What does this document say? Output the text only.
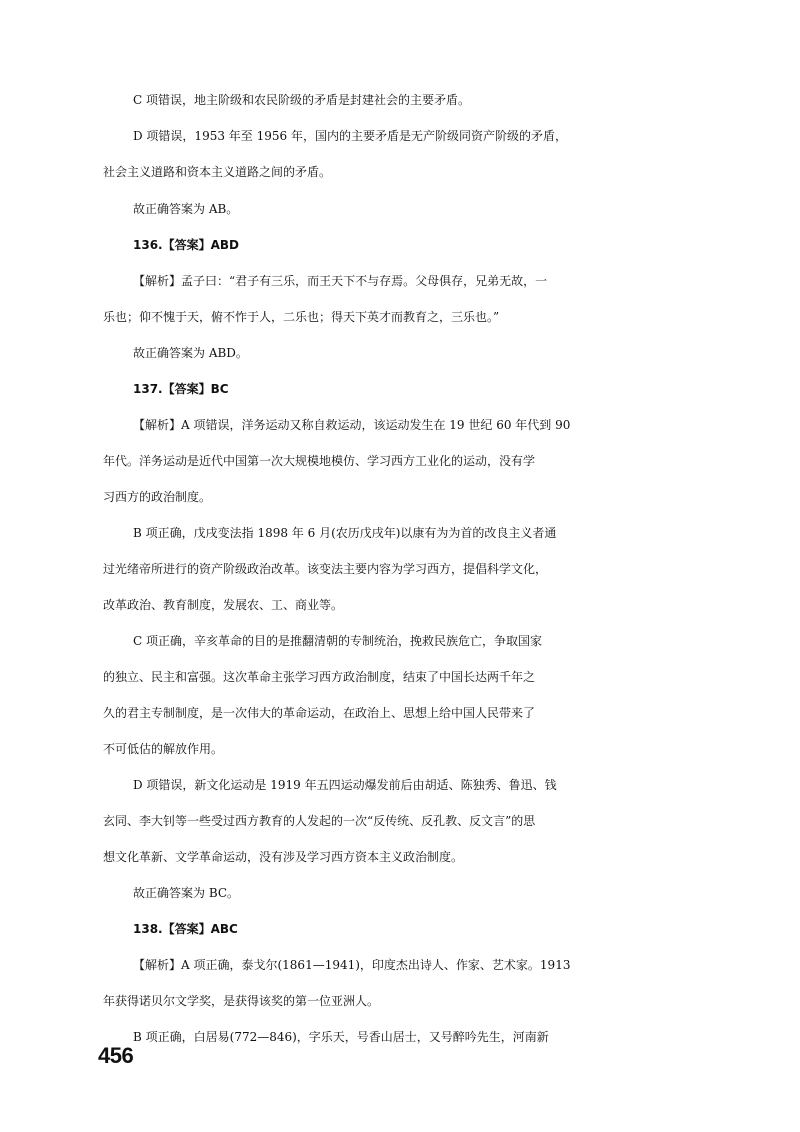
C 项错误，地主阶级和农民阶级的矛盾是封建社会的主要矛盾。
D 项错误，1953 年至 1956 年，国内的主要矛盾是无产阶级同资产阶级的矛盾，
社会主义道路和资本主义道路之间的矛盾。
故正确答案为 AB。
136.【答案】ABD
【解析】孟子曰：“君子有三乐，而王天下不与存焉。父母俱存，兄弟无故，一
乐也；仰不愧于天，俯不怍于人，二乐也；得天下英才而教育之，三乐也。”
故正确答案为 ABD。
137.【答案】BC
【解析】A 项错误，洋务运动又称自救运动，该运动发生在 19 世纪 60 年代到 90
年代。洋务运动是近代中国第一次大规模地模仿、学习西方工业化的运动，没有学
习西方的政治制度。
B 项正确，戊戌变法指 1898 年 6 月(农历戊戌年)以康有为为首的改良主义者通
过光绪帝所进行的资产阶级政治改革。该变法主要内容为学习西方，提倡科学文化，
改革政治、教育制度，发展农、工、商业等。
C 项正确，辛亥革命的目的是推翻清朝的专制统治，挽救民族危亡，争取国家
的独立、民主和富强。这次革命主张学习西方政治制度，结束了中国长达两千年之
久的君主专制制度，是一次伟大的革命运动，在政治上、思想上给中国人民带来了
不可低估的解放作用。
D 项错误，新文化运动是 1919 年五四运动爆发前后由胡适、陈独秀、鲁迅、钱
玄同、李大钊等一些受过西方教育的人发起的一次“反传统、反孔教、反文言”的思
想文化革新、文学革命运动，没有涉及学习西方资本主义政治制度。
故正确答案为 BC。
138.【答案】ABC
【解析】A 项正确，泰戈尔(1861—1941)，印度杰出诗人、作家、艺术家。1913
年获得诺贝尔文学奖，是获得该奖的第一位亚洲人。
B 项正确，白居易(772—846)，字乐天，号香山居士，又号醉吟先生，河南新
456
